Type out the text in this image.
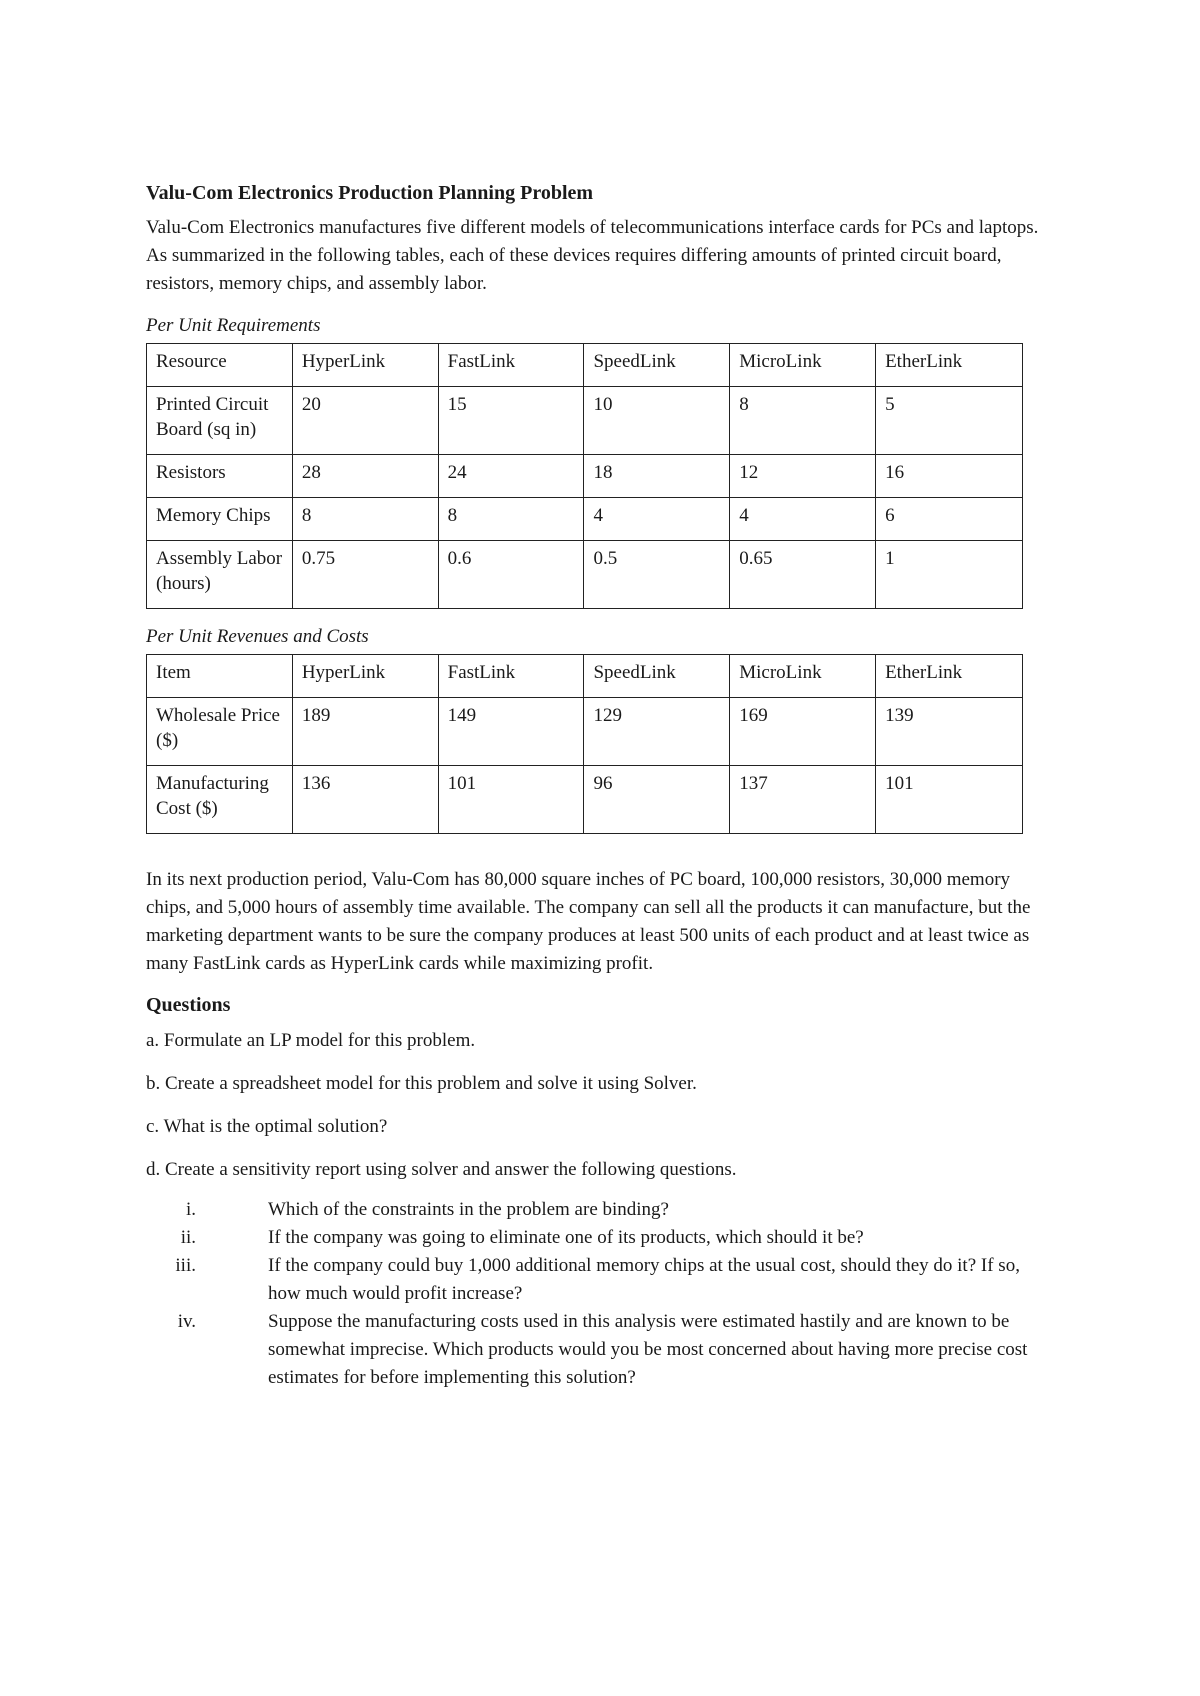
Valu-Com Electronics Production Planning Problem

Valu-Com Electronics manufactures five different models of telecommunications interface cards for PCs and laptops. As summarized in the following tables, each of these devices requires differing amounts of printed circuit board, resistors, memory chips, and assembly labor.

Per Unit Requirements

Resource	HyperLink	FastLink	SpeedLink	MicroLink	EtherLink
Printed Circuit Board (sq in)	20	15	10	8	5
Resistors	28	24	18	12	16
Memory Chips	8	8	4	4	6
Assembly Labor (hours)	0.75	0.6	0.5	0.65	1

Per Unit Revenues and Costs

Item	HyperLink	FastLink	SpeedLink	MicroLink	EtherLink
Wholesale Price ($)	189	149	129	169	139
Manufacturing Cost ($)	136	101	96	137	101

In its next production period, Valu-Com has 80,000 square inches of PC board, 100,000 resistors, 30,000 memory chips, and 5,000 hours of assembly time available. The company can sell all the products it can manufacture, but the marketing department wants to be sure the company produces at least 500 units of each product and at least twice as many FastLink cards as HyperLink cards while maximizing profit.

Questions

a. Formulate an LP model for this problem.

b. Create a spreadsheet model for this problem and solve it using Solver.

c. What is the optimal solution?

d. Create a sensitivity report using solver and answer the following questions.

i.	Which of the constraints in the problem are binding?
ii.	If the company was going to eliminate one of its products, which should it be?
iii.	If the company could buy 1,000 additional memory chips at the usual cost, should they do it? If so, how much would profit increase?
iv.	Suppose the manufacturing costs used in this analysis were estimated hastily and are known to be somewhat imprecise. Which products would you be most concerned about having more precise cost estimates for before implementing this solution?
